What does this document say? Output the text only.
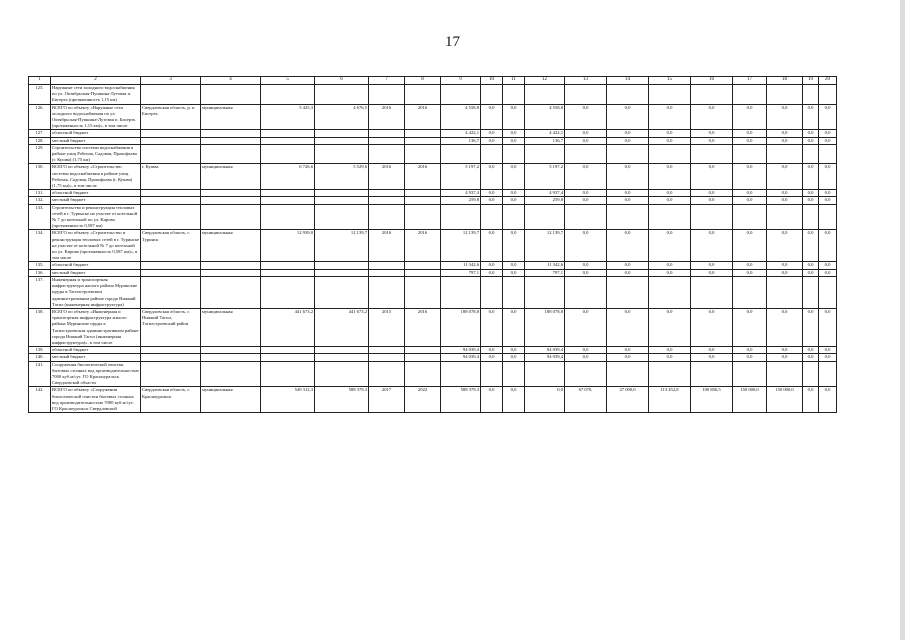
17
1	2	3	4	5	6	7	8	9	10	11	12	13	14	15	16	17	18	19	20
125.	Наружные сети холодного водоснабжения по ул. Октябрьская-Пушкина-Лутовая п. Бисерть (протяженность 1,15 км)																		
126.	ВСЕГО по объекту «Наружные сети холодного водоснабжения по ул. Октябрьская-Пушкина-Лутовая п. Бисерть (протяженность 1,15 км)», в том числе	Свердловская область, р. п. Бисерть	муниципальная	5 425,3	4 676,5	2016	2016	4 558,8	0,0	0,0	4 558,8	0,0	0,0	0,0	0,0	0,0	0,0	0,0	0,0
127.	областной бюджет							4 422,1	0,0	0,0	4 422,1	0,0	0,0	0,0	0,0	0,0	0,0	0,0	0,0
128.	местный бюджет							136,7	0,0	0,0	136,7	0,0	0,0	0,0	0,0	0,0	0,0	0,0	0,0
129.	Строительство системы водоснабжения в районе улиц Рабочая, Садовая, Прокофьева (г. Кушва) (1,75 км)																		
130.	ВСЕГО по объекту «Строительство системы водоснабжения в районе улиц Рабочая, Садовая, Прокофьева (г. Кушва) (1,75 км)», в том числе	г. Кушва	муниципальная	6 726,6	5 529,6	2016	2016	5 197,2	0,0	0,0	5 197,2	0,0	0,0	0,0	0,0	0,0	0,0	0,0	0,0
131.	областной бюджет							4 937,4	0,0	0,0	4 937,4	0,0	0,0	0,0	0,0	0,0	0,0	0,0	0,0
132.	местный бюджет							259,8	0,0	0,0	259,8	0,0	0,0	0,0	0,0	0,0	0,0	0,0	0,0
133.	Строительство и реконструкция тепловых сетей в г. Туринске на участке от котельной № 7 до котельной по ул. Кирова (протяженность 0,587 км)																		
134.	ВСЕГО по объекту «Строительство и реконструкция тепловых сетей в г. Туринске на участке от котельной № 7 до котельной по ул. Кирова (протяженность 0,587 км)», в том числе	Свердловская область, г. Туринск	муниципальная	12 939,0	12 139,7	2016	2016	12 139,7	0,0	0,0	12 139,7	0,0	0,0	0,0	0,0	0,0	0,0	0,0	0,0
135.	областной бюджет							11 342,6	0,0	0,0	11 342,6	0,0	0,0	0,0	0,0	0,0	0,0	0,0	0,0
136.	местный бюджет							797,1	0,0	0,0	797,1	0,0	0,0	0,0	0,0	0,0	0,0	0,0	0,0
137.	Инженерная и транспортная инфраструктура жилого района Муринские пруды в Тагилстроевском административном районе города Нижний Тагил (инженерная инфраструктура)																		
138.	ВСЕГО по объекту «Инженерная и транспортная инфраструктура жилого района Муринские пруды в Тагилстроевском административном районе города Нижний Тагил (инженерная инфраструктура)», в том числе	Свердловская область, г. Нижний Тагил, Тагилстроевский район	муниципальная	441 673,2	441 673,2	2015	2016	188 078,8	0,0	0,0	188 078,8	0,0	0,0	0,0	0,0	0,0	0,0	0,0	0,0
139.	областной бюджет							94 039,4	0,0	0,0	94 039,4	0,0	0,0	0,0	0,0	0,0	0,0	0,0	0,0
140.	местный бюджет							94 039,4	0,0	0,0	94 039,4	0,0	0,0	0,0	0,0	0,0	0,0	0,0	0,0
141.	Сооружения биологической очистки бытовых сточных вод производительностью 7000 куб.м/сут. ГО Красноуральск Свердловской области																		
142.	ВСЕГО по объекту «Сооружения биологической очистки бытовых сточных вод производительностью 7000 куб.м/сут. ГО Красноуральск Свердловской	Свердловская область, г. Красноуральск	муниципальная	549 312,3	588 379,3	2017	2022	588 379,3	0,0	0,0	0,0	67 070,	27 000,0	113 452,8	100 856,5	150 000,0	150 000,0	0,0	0,0
